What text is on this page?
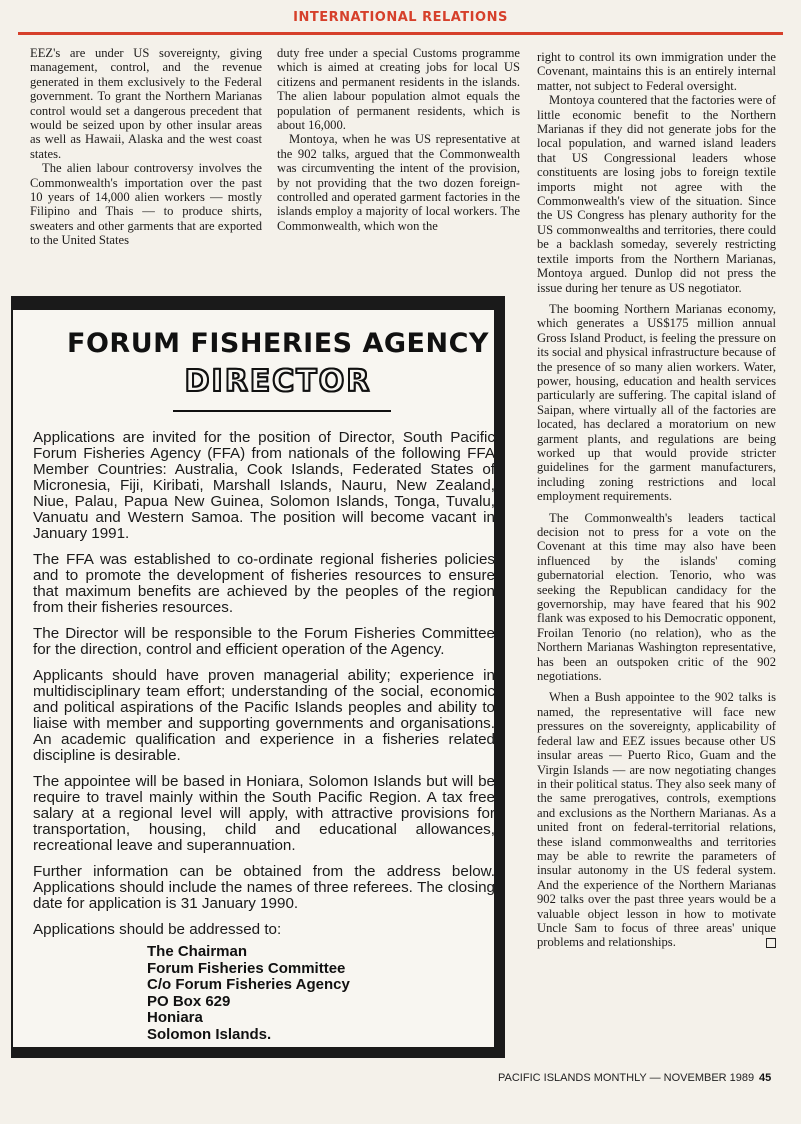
INTERNATIONAL RELATIONS

EEZ's are under US sovereignty, giving management, control, and the revenue generated in them exclusively to the Federal government. To grant the Northern Marianas control would set a dangerous precedent that would be seized upon by other insular areas as well as Hawaii, Alaska and the west coast states.

The alien labour controversy involves the Commonwealth's importation over the past 10 years of 14,000 alien workers — mostly Filipino and Thais — to produce shirts, sweaters and other garments that are exported to the United States

duty free under a special Customs programme which is aimed at creating jobs for local US citizens and permanent residents in the islands. The alien labour population almot equals the population of permanent residents, which is about 16,000.

Montoya, when he was US representative at the 902 talks, argued that the Commonwealth was circumventing the intent of the provision, by not providing that the two dozen foreign-controlled and operated garment factories in the islands employ a majority of local workers. The Commonwealth, which won the

right to control its own immigration under the Covenant, maintains this is an entirely internal matter, not subject to Federal oversight.

Montoya countered that the factories were of little economic benefit to the Northern Marianas if they did not generate jobs for the local population, and warned island leaders that US Congressional leaders whose constituents are losing jobs to foreign textile imports might not agree with the Commonwealth's view of the situation. Since the US Congress has plenary authority for the US commonwealths and territories, there could be a backlash someday, severely restricting textile imports from the Northern Marianas, Montoya argued. Dunlop did not press the issue during her tenure as US negotiator.

The booming Northern Marianas economy, which generates a US$175 million annual Gross Island Product, is feeling the pressure on its social and physical infrastructure because of the presence of so many alien workers. Water, power, housing, education and health services particularly are suffering. The capital island of Saipan, where virtually all of the factories are located, has declared a moratorium on new garment plants, and regulations are being worked up that would provide stricter guidelines for the garment manufacturers, including zoning restrictions and local employment requirements.

The Commonwealth's leaders tactical decision not to press for a vote on the Covenant at this time may also have been influenced by the islands' coming gubernatorial election. Tenorio, who was seeking the Republican candidacy for the governorship, may have feared that his 902 flank was exposed to his Democratic opponent, Froilan Tenorio (no relation), who as the Northern Marianas Washington representative, has been an outspoken critic of the 902 negotiations.

When a Bush appointee to the 902 talks is named, the representative will face new pressures on the sovereignty, applicability of federal law and EEZ issues because other US insular areas — Puerto Rico, Guam and the Virgin Islands — are now negotiating changes in their political status. They also seek many of the same prerogatives, controls, exemptions and exclusions as the Northern Marianas. As a united front on federal-territorial relations, these island commonwealths and territories may be able to rewrite the parameters of insular autonomy in the US federal system. And the experience of the Northern Marianas 902 talks over the past three years would be a valuable object lesson in how to motivate Uncle Sam to focus of three areas' unique problems and relationships.

FORUM FISHERIES AGENCY
DIRECTOR

Applications are invited for the position of Director, South Pacific Forum Fisheries Agency (FFA) from nationals of the following FFA Member Countries: Australia, Cook Islands, Federated States of Micronesia, Fiji, Kiribati, Marshall Islands, Nauru, New Zealand, Niue, Palau, Papua New Guinea, Solomon Islands, Tonga, Tuvalu, Vanuatu and Western Samoa. The position will become vacant in January 1991.

The FFA was established to co-ordinate regional fisheries policies and to promote the development of fisheries resources to ensure that maximum benefits are achieved by the peoples of the region from their fisheries resources.

The Director will be responsible to the Forum Fisheries Committee for the direction, control and efficient operation of the Agency.

Applicants should have proven managerial ability; experience in multidisciplinary team effort; understanding of the social, economic and political aspirations of the Pacific Islands peoples and ability to liaise with member and supporting governments and organisations. An academic qualification and experience in a fisheries related discipline is desirable.

The appointee will be based in Honiara, Solomon Islands but will be require to travel mainly within the South Pacific Region. A tax free salary at a regional level will apply, with attractive provisions for transportation, housing, child and educational allowances, recreational leave and superannuation.

Further information can be obtained from the address below. Applications should include the names of three referees. The closing date for application is 31 January 1990.

Applications should be addressed to:

The Chairman
Forum Fisheries Committee
C/o Forum Fisheries Agency
PO Box 629
Honiara
Solomon Islands.
PACIFIC ISLANDS MONTHLY — NOVEMBER 1989 45
